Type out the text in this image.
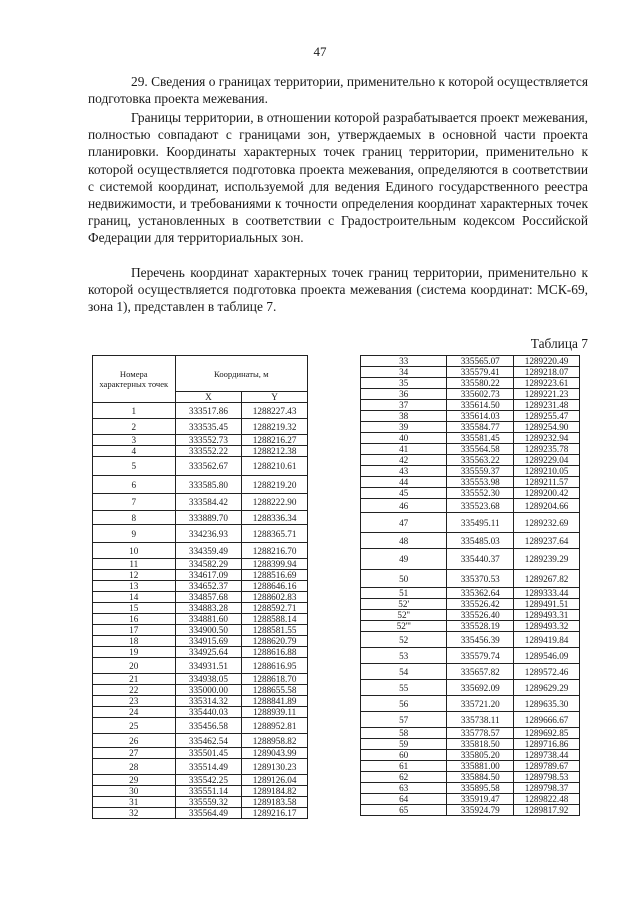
47
29. Сведения о границах территории, применительно к которой осуществляется подготовка проекта межевания.
Границы территории, в отношении которой разрабатывается проект межевания, полностью совпадают с границами зон, утверждаемых в основной части проекта планировки. Координаты характерных точек границ территории, применительно к которой осуществляется подготовка проекта межевания, определяются в соответствии с системой координат, используемой для ведения Единого государственного реестра недвижимости, и требованиями к точности определения координат характерных точек границ, установленных в соответствии с Градостроительным кодексом Российской Федерации для территориальных зон.
Перечень координат характерных точек границ территории, применительно к которой осуществляется подготовка проекта межевания (система координат: МСК-69, зона 1), представлен в таблице 7.
Таблица 7
Номера характерных точек	Координаты, м	
	X	Y
1	333517.86	1288227.43
2	333535.45	1288219.32
3	333552.73	1288216.27
4	333552.22	1288212.38
5	333562.67	1288210.61
6	333585.80	1288219.20
7	333584.42	1288222.90
8	333889.70	1288336.34
9	334236.93	1288365.71
10	334359.49	1288216.70
11	334582.29	1288399.94
12	334617.09	1288516.69
13	334652.37	1288646.16
14	334857.68	1288602.83
15	334883.28	1288592.71
16	334881.60	1288588.14
17	334900.50	1288581.55
18	334915.69	1288620.79
19	334925.64	1288616.88
20	334931.51	1288616.95
21	334938.05	1288618.70
22	335000.00	1288655.58
23	335314.32	1288841.89
24	335440.03	1288939.11
25	335456.58	1288952.81
26	335462.54	1288958.82
27	335501.45	1289043.99
28	335514.49	1289130.23
29	335542.25	1289126.04
30	335551.14	1289184.82
31	335559.32	1289183.58
32	335564.49	1289216.17
33	335565.07	1289220.49
34	335579.41	1289218.07
35	335580.22	1289223.61
36	335602.73	1289221.23
37	335614.50	1289231.48
38	335614.03	1289255.47
39	335584.77	1289254.90
40	335581.45	1289232.94
41	335564.58	1289235.78
42	335563.22	1289229.04
43	335559.37	1289210.05
44	335553.98	1289211.57
45	335552.30	1289200.42
46	335523.68	1289204.66
47	335495.11	1289232.69
48	335485.03	1289237.64
49	335440.37	1289239.29
50	335370.53	1289267.82
51	335362.64	1289333.44
52'	335526.42	1289491.51
52''	335526.40	1289493.31
52'''	335528.19	1289493.32
52	335456.39	1289419.84
53	335579.74	1289546.09
54	335657.82	1289572.46
55	335692.09	1289629.29
56	335721.20	1289635.30
57	335738.11	1289666.67
58	335778.57	1289692.85
59	335818.50	1289716.86
60	335805.20	1289738.44
61	335881.00	1289789.67
62	335884.50	1289798.53
63	335895.58	1289798.37
64	335919.47	1289822.48
65	335924.79	1289817.92
